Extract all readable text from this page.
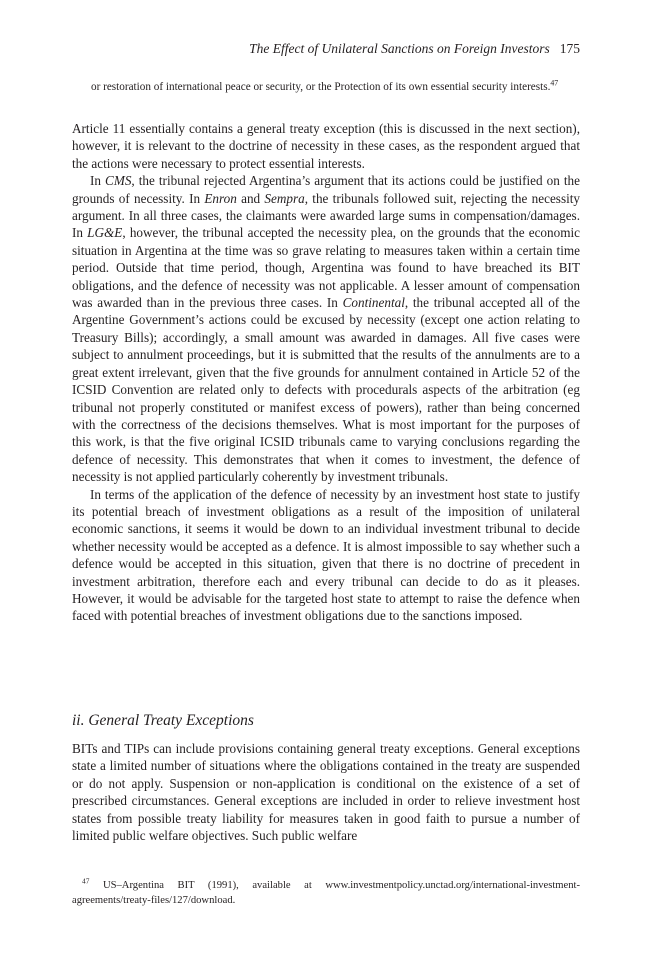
The Effect of Unilateral Sanctions on Foreign Investors 175
or restoration of international peace or security, or the Protection of its own essential security interests.$^{47}$

Article 11 essentially contains a general treaty exception (this is discussed in the next section), however, it is relevant to the doctrine of necessity in these cases, as the respondent argued that the actions were necessary to protect essential interests.

In CMS, the tribunal rejected Argentina’s argument that its actions could be justified on the grounds of necessity. In Enron and Sempra, the tribunals followed suit, rejecting the necessity argument. In all three cases, the claimants were awarded large sums in compensation/damages. In LG&E, however, the tribunal accepted the necessity plea, on the grounds that the economic situation in Argentina at the time was so grave relating to measures taken within a certain time period. Outside that time period, though, Argentina was found to have breached its BIT obligations, and the defence of necessity was not applicable. A lesser amount of compensation was awarded than in the previous three cases. In Continental, the tribunal accepted all of the Argentine Government’s actions could be excused by necessity (except one action relating to Treasury Bills); accordingly, a small amount was awarded in damages. All five cases were subject to annulment proceedings, but it is submitted that the results of the annulments are to a great extent irrelevant, given that the five grounds for annulment contained in Article 52 of the ICSID Convention are related only to defects with procedurals aspects of the arbitration (eg tribunal not properly constituted or manifest excess of powers), rather than being concerned with the correctness of the decisions themselves. What is most important for the purposes of this work, is that the five original ICSID tribunals came to varying conclusions regarding the defence of necessity. This demonstrates that when it comes to investment, the defence of necessity is not applied particularly coherently by investment tribunals.

In terms of the application of the defence of necessity by an investment host state to justify its potential breach of investment obligations as a result of the imposition of unilateral economic sanctions, it seems it would be down to an individual investment tribunal to decide whether necessity would be accepted as a defence. It is almost impossible to say whether such a defence would be accepted in this situation, given that there is no doctrine of precedent in investment arbitration, therefore each and every tribunal can decide to do as it pleases. However, it would be advisable for the targeted host state to attempt to raise the defence when faced with potential breaches of investment obligations due to the sanctions imposed.

ii. General Treaty Exceptions

BITs and TIPs can include provisions containing general treaty exceptions. General exceptions state a limited number of situations where the obligations contained in the treaty are suspended or do not apply. Suspension or non-application is conditional on the existence of a set of prescribed circumstances. General exceptions are included in order to relieve investment host states from possible treaty liability for measures taken in good faith to pursue a number of limited public welfare objectives. Such public welfare

$^{47}$ US–Argentina BIT (1991), available at www.investmentpolicy.unctad.org/international-investment-agreements/treaty-files/127/download.
